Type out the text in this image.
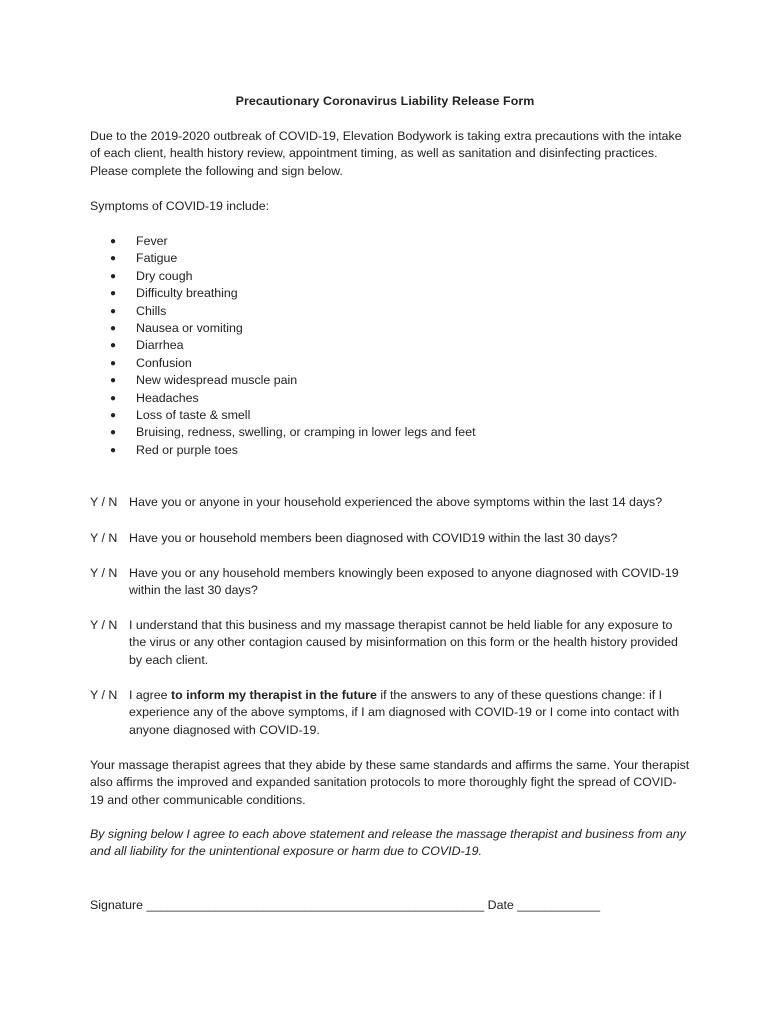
Precautionary Coronavirus Liability Release Form

Due to the 2019-2020 outbreak of COVID-19, Elevation Bodywork is taking extra precautions with the intake of each client, health history review, appointment timing, as well as sanitation and disinfecting practices. Please complete the following and sign below.

Symptoms of COVID-19 include:

● Fever
● Fatigue
● Dry cough
● Difficulty breathing
● Chills
● Nausea or vomiting
● Diarrhea
● Confusion
● New widespread muscle pain
● Headaches
● Loss of taste & smell
● Bruising, redness, swelling, or cramping in lower legs and feet
● Red or purple toes
Y / N Have you or anyone in your household experienced the above symptoms within the last 14 days?
Y / N Have you or household members been diagnosed with COVID19 within the last 30 days?
Y / N Have you or any household members knowingly been exposed to anyone diagnosed with COVID-19 within the last 30 days?
Y / N I understand that this business and my massage therapist cannot be held liable for any exposure to the virus or any other contagion caused by misinformation on this form or the health history provided by each client.
Y / N I agree to inform my therapist in the future if the answers to any of these questions change: if I experience any of the above symptoms, if I am diagnosed with COVID-19 or I come into contact with anyone diagnosed with COVID-19.

Your massage therapist agrees that they abide by these same standards and affirms the same. Your therapist also affirms the improved and expanded sanitation protocols to more thoroughly fight the spread of COVID-19 and other communicable conditions.

By signing below I agree to each above statement and release the massage therapist and business from any and all liability for the unintentional exposure or harm due to COVID-19.

Signature _________________________________________________ Date ____________
